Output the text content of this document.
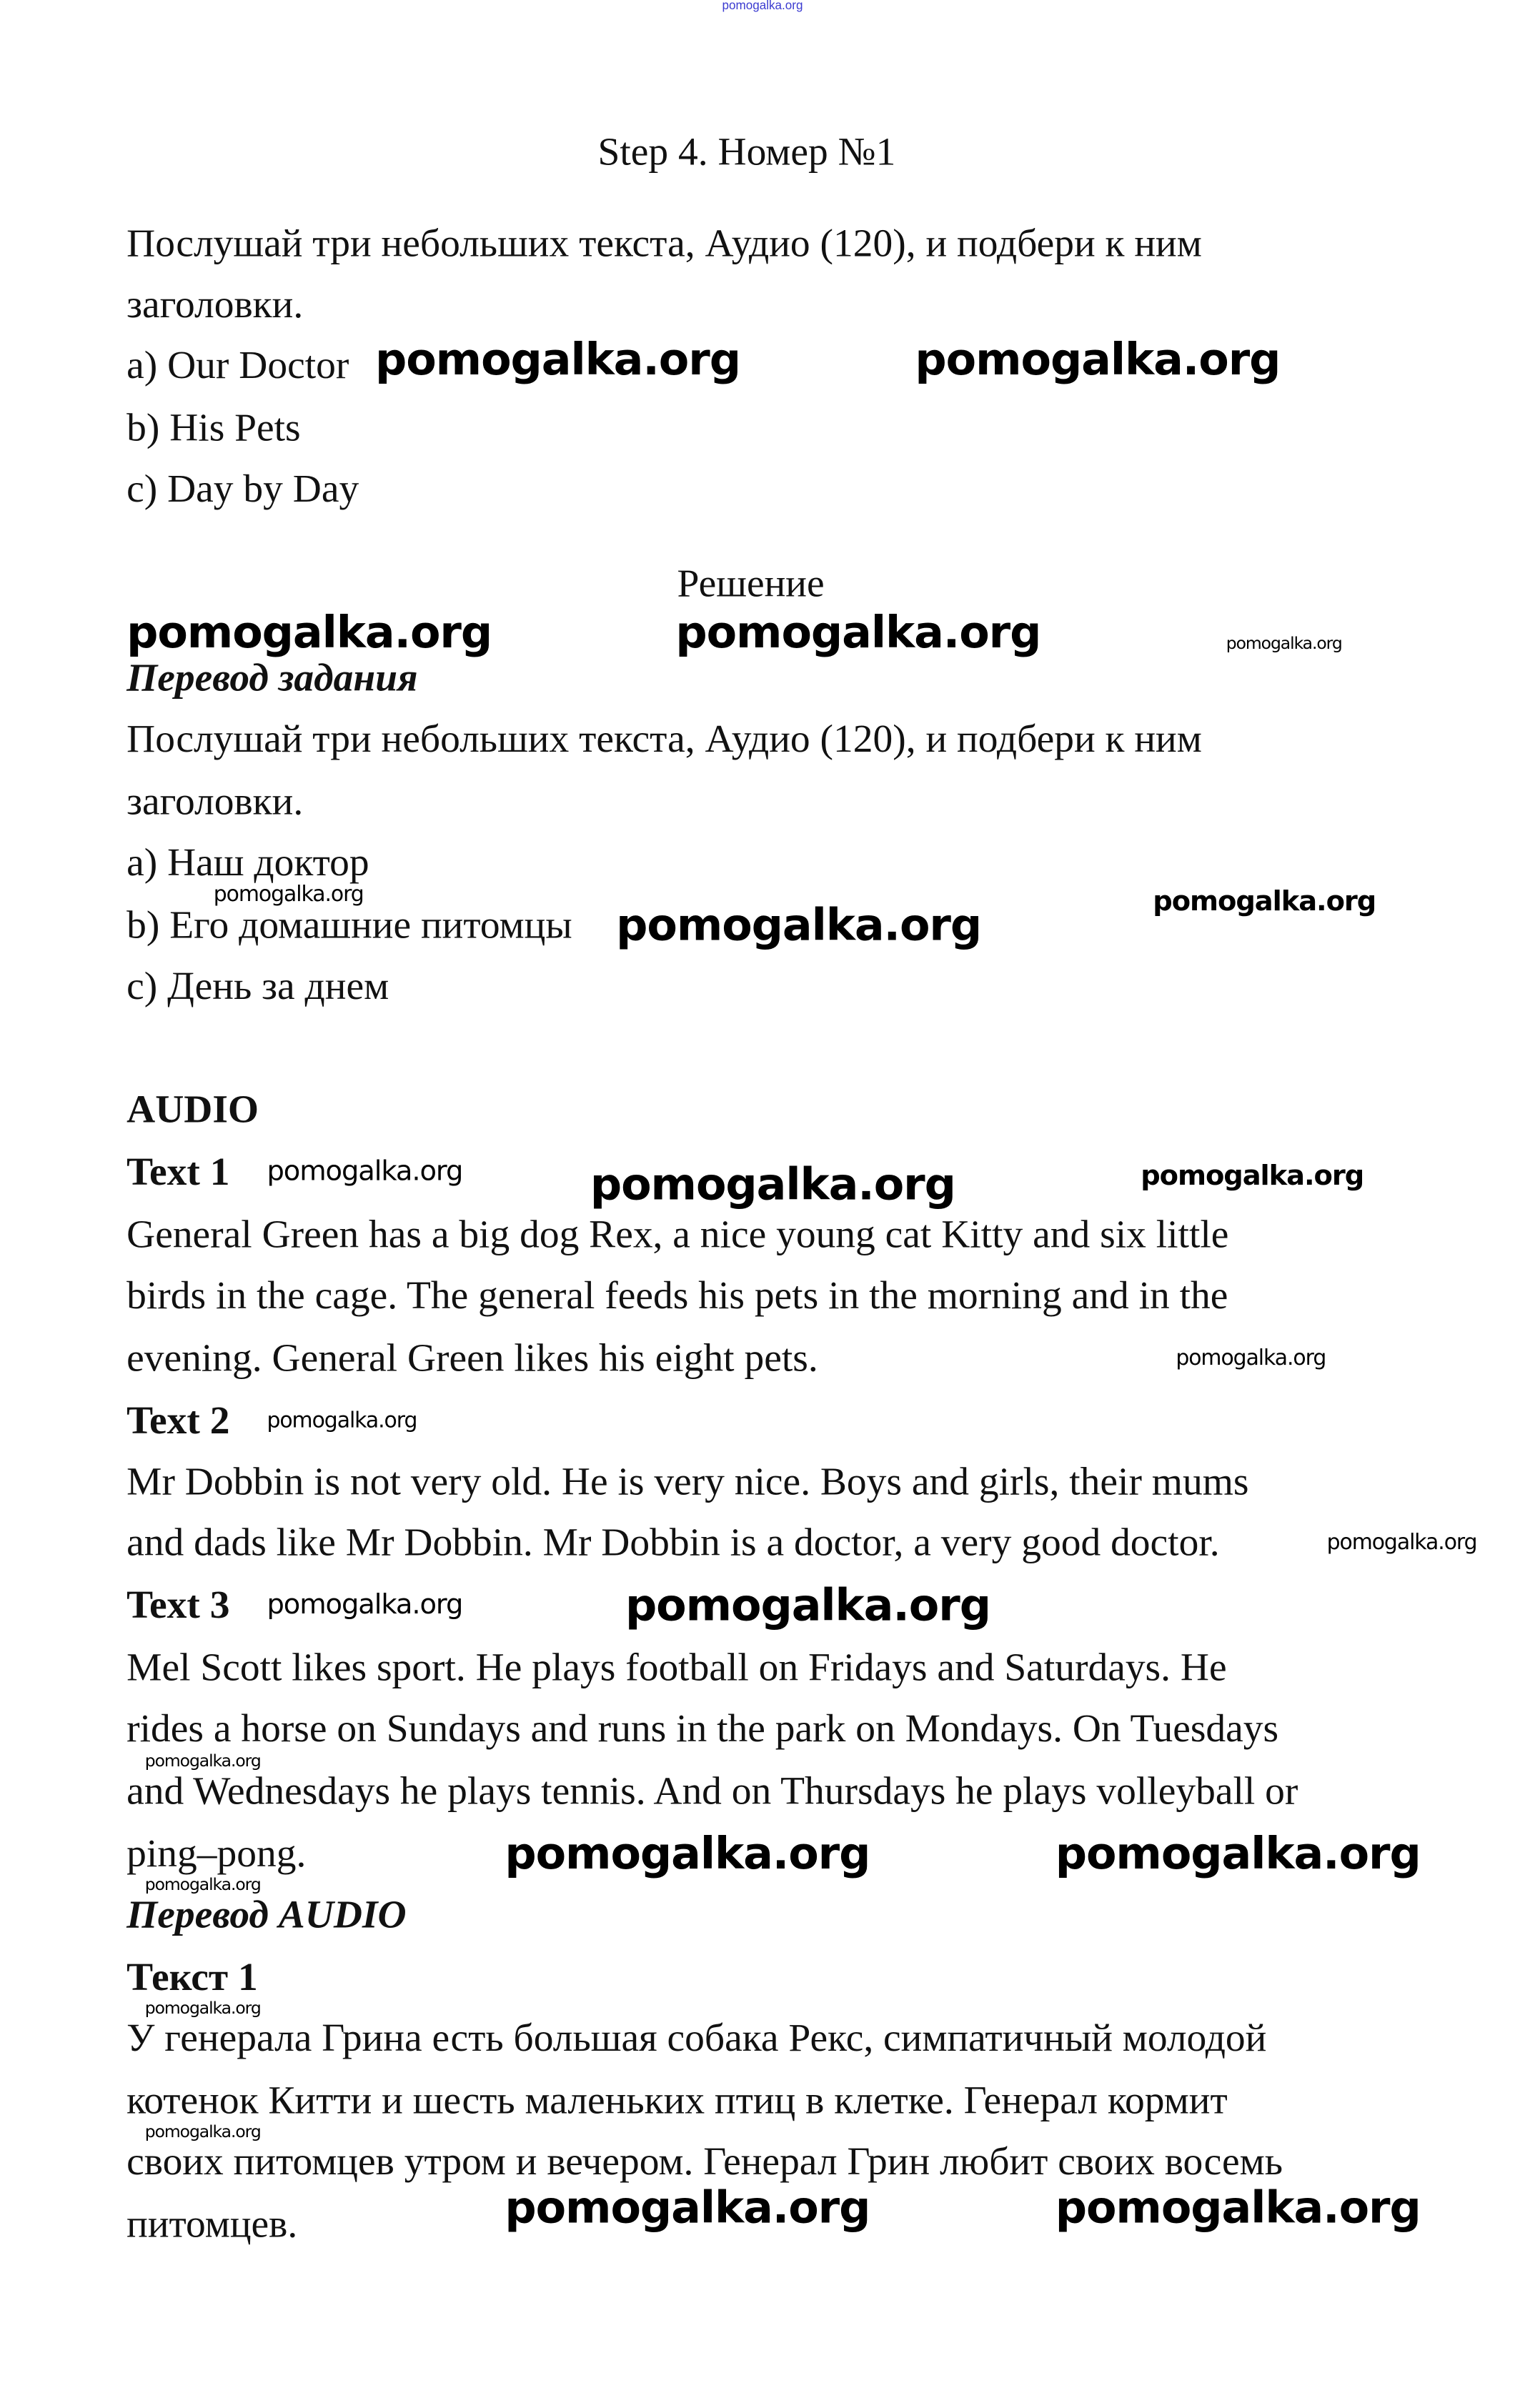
pomogalka.org
Step 4. Номер №1
Послушай три небольших текста, Аудио (120), и подбери к ним
заголовки.
a) Our Doctor
b) His Pets
c) Day by Day
Решение
Перевод задания
Послушай три небольших текста, Аудио (120), и подбери к ним
заголовки.
a) Наш доктор
b) Его домашние питомцы
c) День за днем
AUDIO
Text 1
General Green has a big dog Rex, a nice young cat Kitty and six little
birds in the cage. The general feeds his pets in the morning and in the
evening. General Green likes his eight pets.
Text 2
Mr Dobbin is not very old. He is very nice. Boys and girls, their mums
and dads like Mr Dobbin. Mr Dobbin is a doctor, a very good doctor.
Text 3
Mel Scott likes sport. He plays football on Fridays and Saturdays. He
rides a horse on Sundays and runs in the park on Mondays. On Tuesdays
and Wednesdays he plays tennis. And on Thursdays he plays volleyball or
ping–pong.
Перевод AUDIO
Текст 1
У генерала Грина есть большая собака Рекс, симпатичный молодой
котенок Китти и шесть маленьких птиц в клетке. Генерал кормит
своих питомцев утром и вечером. Генерал Грин любит своих восемь
питомцев.
pomogalka.org	pomogalka.org
pomogalka.org	pomogalka.org	pomogalka.org
pomogalka.org
pomogalka.org	pomogalka.org
pomogalka.org	pomogalka.org	pomogalka.org
pomogalka.org
pomogalka.org
pomogalka.org
pomogalka.org	pomogalka.org
pomogalka.org
pomogalka.org	pomogalka.org
pomogalka.org
pomogalka.org
pomogalka.org
pomogalka.org	pomogalka.org
